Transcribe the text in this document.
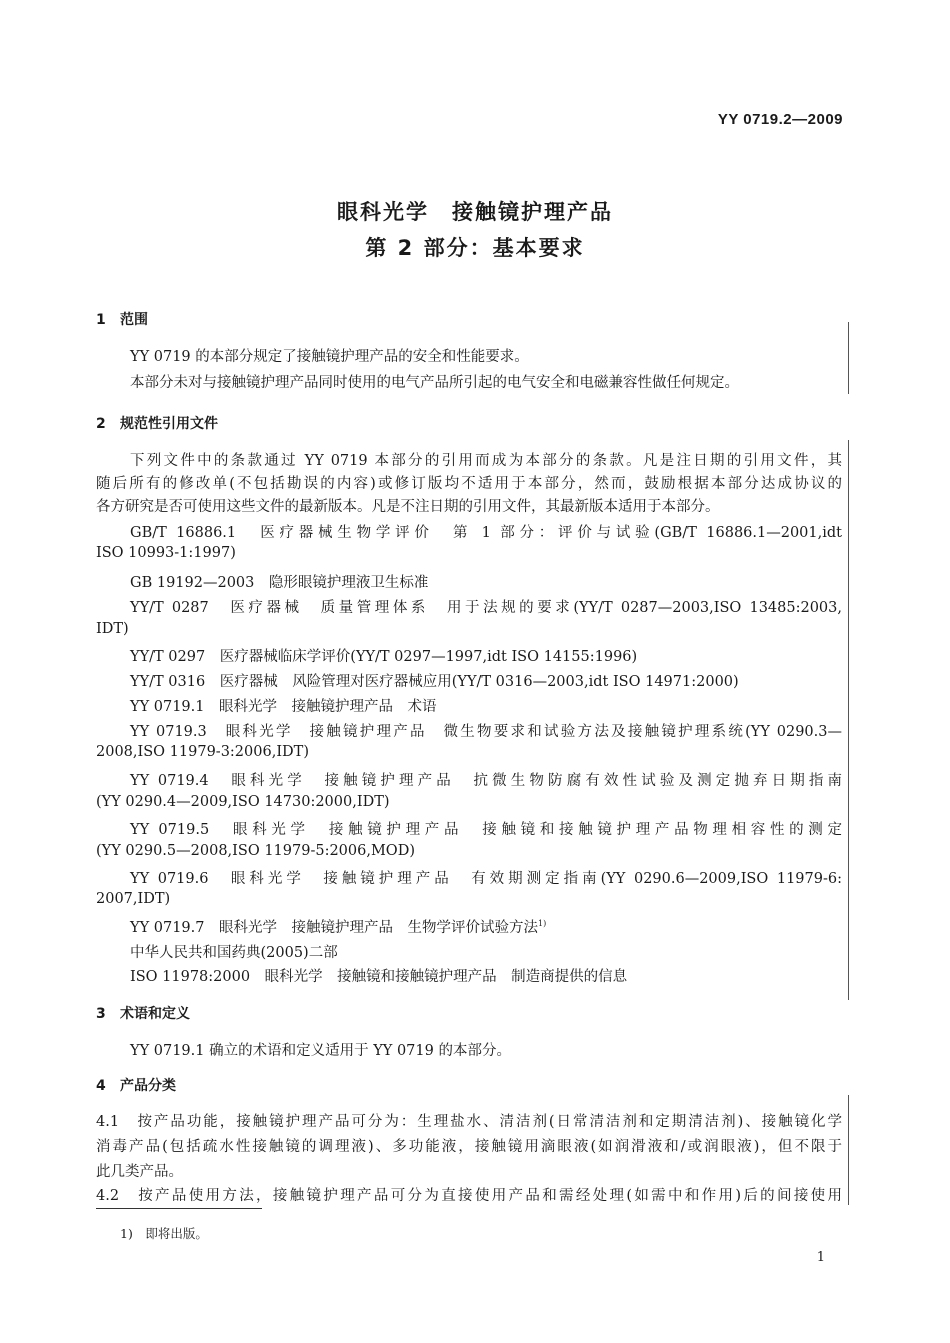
YY 0719.2—2009
眼科光学　接触镜护理产品
第 2 部分：基本要求
1 范围
YY 0719 的本部分规定了接触镜护理产品的安全和性能要求。
本部分未对与接触镜护理产品同时使用的电气产品所引起的电气安全和电磁兼容性做任何规定。
2 规范性引用文件
下列文件中的条款通过 YY 0719 本部分的引用而成为本部分的条款。凡是注日期的引用文件，其
随后所有的修改单(不包括勘误的内容)或修订版均不适用于本部分，然而，鼓励根据本部分达成协议的
各方研究是否可使用这些文件的最新版本。凡是不注日期的引用文件，其最新版本适用于本部分。
GB/T 16886.1　医疗器械生物学评价　第 1 部分：评价与试验(GB/T 16886.1—2001,idt
ISO 10993-1:1997)
GB 19192—2003　隐形眼镜护理液卫生标准
YY/T 0287　医疗器械　质量管理体系　用于法规的要求(YY/T 0287—2003,ISO 13485:2003,
IDT)
YY/T 0297　医疗器械临床学评价(YY/T 0297—1997,idt ISO 14155:1996)
YY/T 0316　医疗器械　风险管理对医疗器械应用(YY/T 0316—2003,idt ISO 14971:2000)
YY 0719.1　眼科光学　接触镜护理产品　术语
YY 0719.3　眼科光学　接触镜护理产品　微生物要求和试验方法及接触镜护理系统(YY 0290.3—
2008,ISO 11979-3:2006,IDT)
YY 0719.4　眼科光学　接触镜护理产品　抗微生物防腐有效性试验及测定抛弃日期指南
(YY 0290.4—2009,ISO 14730:2000,IDT)
YY 0719.5　眼科光学　接触镜护理产品　接触镜和接触镜护理产品物理相容性的测定
(YY 0290.5—2008,ISO 11979-5:2006,MOD)
YY 0719.6　眼科光学　接触镜护理产品　有效期测定指南(YY 0290.6—2009,ISO 11979-6:
2007,IDT)
YY 0719.7　眼科光学　接触镜护理产品　生物学评价试验方法$^{1)}$
中华人民共和国药典(2005)二部
ISO 11978:2000　眼科光学　接触镜和接触镜护理产品　制造商提供的信息
3 术语和定义
YY 0719.1 确立的术语和定义适用于 YY 0719 的本部分。
4 产品分类
4.1　按产品功能，接触镜护理产品可分为：生理盐水、清洁剂(日常清洁剂和定期清洁剂)、接触镜化学
消毒产品(包括疏水性接触镜的调理液)、多功能液，接触镜用滴眼液(如润滑液和/或润眼液)，但不限于
此几类产品。
4.2　按产品使用方法，接触镜护理产品可分为直接使用产品和需经处理(如需中和作用)后的间接使用
1)　即将出版。
1
